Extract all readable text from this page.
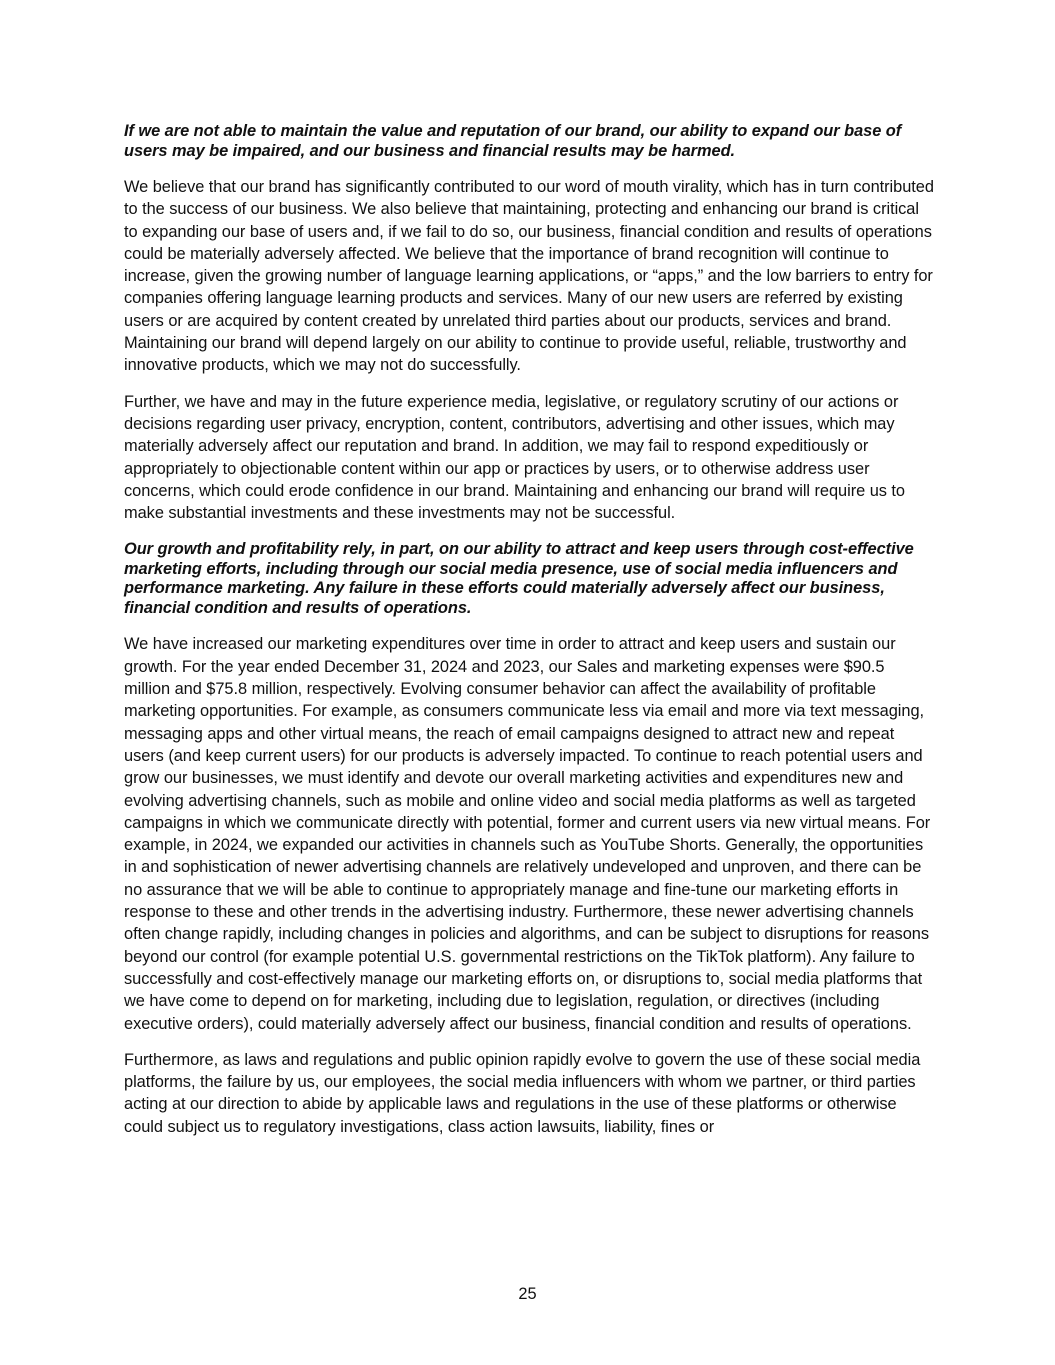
If we are not able to maintain the value and reputation of our brand, our ability to expand our base of users may be impaired, and our business and financial results may be harmed.

We believe that our brand has significantly contributed to our word of mouth virality, which has in turn contributed to the success of our business. We also believe that maintaining, protecting and enhancing our brand is critical to expanding our base of users and, if we fail to do so, our business, financial condition and results of operations could be materially adversely affected. We believe that the importance of brand recognition will continue to increase, given the growing number of language learning applications, or “apps,” and the low barriers to entry for companies offering language learning products and services. Many of our new users are referred by existing users or are acquired by content created by unrelated third parties about our products, services and brand. Maintaining our brand will depend largely on our ability to continue to provide useful, reliable, trustworthy and innovative products, which we may not do successfully.

Further, we have and may in the future experience media, legislative, or regulatory scrutiny of our actions or decisions regarding user privacy, encryption, content, contributors, advertising and other issues, which may materially adversely affect our reputation and brand. In addition, we may fail to respond expeditiously or appropriately to objectionable content within our app or practices by users, or to otherwise address user concerns, which could erode confidence in our brand. Maintaining and enhancing our brand will require us to make substantial investments and these investments may not be successful.

Our growth and profitability rely, in part, on our ability to attract and keep users through cost-effective marketing efforts, including through our social media presence, use of social media influencers and performance marketing. Any failure in these efforts could materially adversely affect our business, financial condition and results of operations.

We have increased our marketing expenditures over time in order to attract and keep users and sustain our growth. For the year ended December 31, 2024 and 2023, our Sales and marketing expenses were $90.5 million and $75.8 million, respectively. Evolving consumer behavior can affect the availability of profitable marketing opportunities. For example, as consumers communicate less via email and more via text messaging, messaging apps and other virtual means, the reach of email campaigns designed to attract new and repeat users (and keep current users) for our products is adversely impacted. To continue to reach potential users and grow our businesses, we must identify and devote our overall marketing activities and expenditures new and evolving advertising channels, such as mobile and online video and social media platforms as well as targeted campaigns in which we communicate directly with potential, former and current users via new virtual means. For example, in 2024, we expanded our activities in channels such as YouTube Shorts. Generally, the opportunities in and sophistication of newer advertising channels are relatively undeveloped and unproven, and there can be no assurance that we will be able to continue to appropriately manage and fine-tune our marketing efforts in response to these and other trends in the advertising industry. Furthermore, these newer advertising channels often change rapidly, including changes in policies and algorithms, and can be subject to disruptions for reasons beyond our control (for example potential U.S. governmental restrictions on the TikTok platform). Any failure to successfully and cost-effectively manage our marketing efforts on, or disruptions to, social media platforms that we have come to depend on for marketing, including due to legislation, regulation, or directives (including executive orders), could materially adversely affect our business, financial condition and results of operations.

Furthermore, as laws and regulations and public opinion rapidly evolve to govern the use of these social media platforms, the failure by us, our employees, the social media influencers with whom we partner, or third parties acting at our direction to abide by applicable laws and regulations in the use of these platforms or otherwise could subject us to regulatory investigations, class action lawsuits, liability, fines or

25
